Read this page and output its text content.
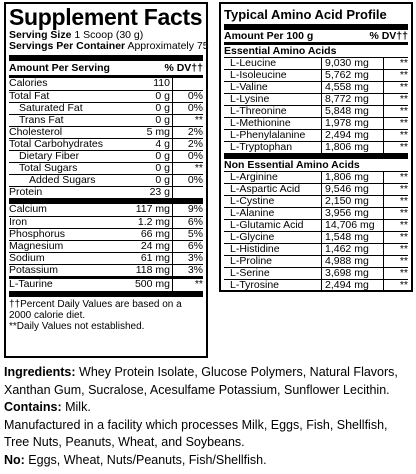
Supplement Facts
Serving Size 1 Scoop (30 g)
Servings Per Container Approximately 75
Amount Per Serving	% DV††
Calories	110
Total Fat	0 g	0%
Saturated Fat	0 g	0%
Trans Fat	0 g	**
Cholesterol	5 mg	2%
Total Carbohydrates	4 g	2%
Dietary Fiber	0 g	0%
Total Sugars	0 g	**
Added Sugars	0 g	0%
Protein	23 g
Calcium	117 mg	9%
Iron	1.2 mg	6%
Phosphorus	66 mg	5%
Magnesium	24 mg	6%
Sodium	61 mg	3%
Potassium	118 mg	3%
L-Taurine	500 mg	**
††Percent Daily Values are based on a 2000 calorie diet.
**Daily Values not established.
Typical Amino Acid Profile
Amount Per 100 g	% DV††
Essential Amino Acids
L-Leucine	9,030 mg	**
L-Isoleucine	5,762 mg	**
L-Valine	4,558 mg	**
L-Lysine	8,772 mg	**
L-Threonine	5,848 mg	**
L-Methionine	1,978 mg	**
L-Phenylalanine	2,494 mg	**
L-Tryptophan	1,806 mg	**
Non Essential Amino Acids
L-Arginine	1,806 mg	**
L-Aspartic Acid	9,546 mg	**
L-Cystine	2,150 mg	**
L-Alanine	3,956 mg	**
L-Glutamic Acid	14,706 mg	**
L-Glycine	1,548 mg	**
L-Histidine	1,462 mg	**
L-Proline	4,988 mg	**
L-Serine	3,698 mg	**
L-Tyrosine	2,494 mg	**

Ingredients: Whey Protein Isolate, Glucose Polymers, Natural Flavors, Xanthan Gum, Sucralose, Acesulfame Potassium, Sunflower Lecithin.

Contains: Milk.

Manufactured in a facility which processes Milk, Eggs, Fish, Shellfish, Tree Nuts, Peanuts, Wheat, and Soybeans.

No: Eggs, Wheat, Nuts/Peanuts, Fish/Shellfish.
